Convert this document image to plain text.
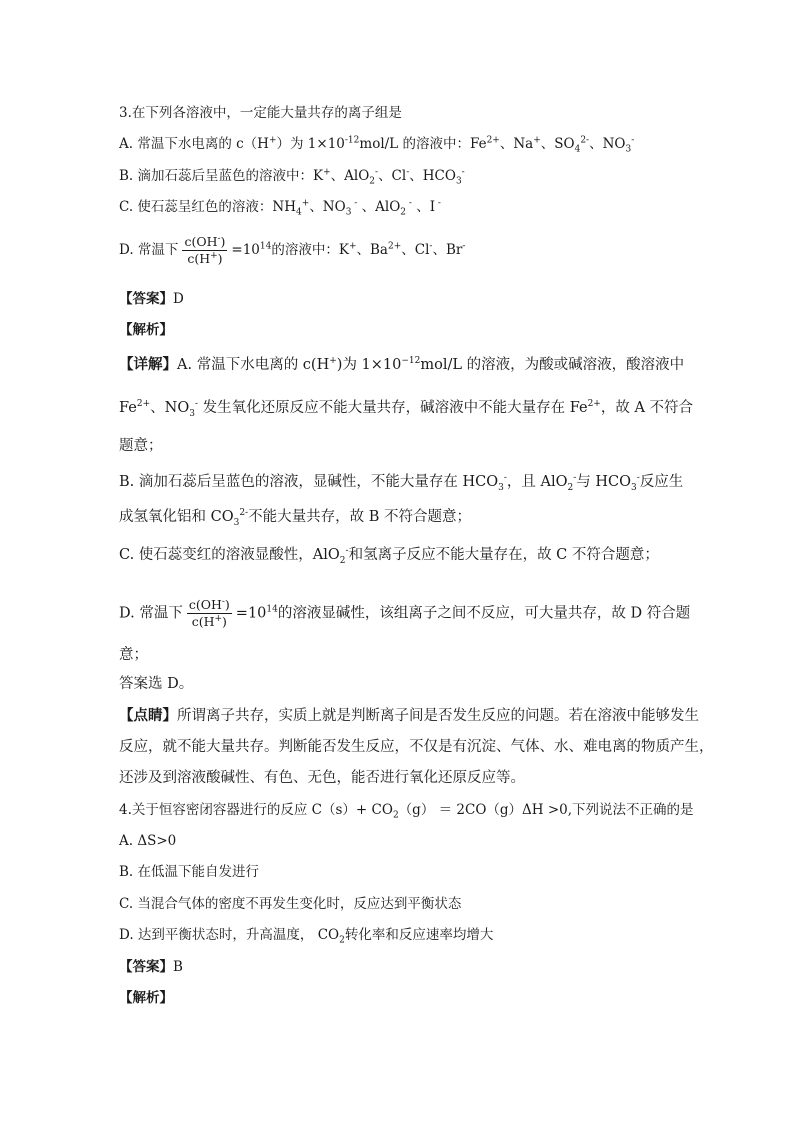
3.在下列各溶液中，一定能大量共存的离子组是
A. 常温下水电离的 c（H+）为 $1\times 10^{-12}mol/L$ 的溶液中：$Fe^{2+}$、Na+、$SO_4^{2-}$、$NO_3^-$
B. 滴加石蕊后呈蓝色的溶液中：K+、AlO$_2$-、Cl-、$HCO_3^-$
C. 使石蕊呈红色的溶液：$NH_4^+$、$NO_3$ - 、AlO$_2$ - 、I -
D. 常温下 $\frac{c(OH^-)}{c(H^+)} =10^{14}$的溶液中：K+、$Ba^{2+}$、Cl-、Br-
【答案】D
【解析】
【详解】A. 常温下水电离的 c(H+)为 $1\times 10^{-12}mol/L$ 的溶液，为酸或碱溶液，酸溶液中
$Fe^{2+}$、$NO_3^-$ 发生氧化还原反应不能大量共存，碱溶液中不能大量存在 $Fe^{2+}$，故 A 不符合
题意；
B. 滴加石蕊后呈蓝色的溶液，显碱性，不能大量存在 $HCO_3^-$，且 AlO$_2$-与 $HCO_3^-$反应生
成氢氧化铝和 $CO_3^{2-}$不能大量共存，故 B 不符合题意；
C. 使石蕊变红的溶液显酸性，AlO$_2$-和氢离子反应不能大量存在，故 C 不符合题意；
D. 常温下 $\frac{c(OH^-)}{c(H^+)} =10^{14}$的溶液显碱性，该组离子之间不反应，可大量共存，故 D 符合题
意；
答案选 D。
【点睛】所谓离子共存，实质上就是判断离子间是否发生反应的问题。若在溶液中能够发生
反应，就不能大量共存。判断能否发生反应，不仅是有沉淀、气体、水、难电离的物质产生，
还涉及到溶液酸碱性、有色、无色，能否进行氧化还原反应等。
4.关于恒容密闭容器进行的反应 $C(s)+ CO_2(g) = 2CO(g)\Delta H >0$,下列说法不正确的是
A. ΔS>0
B. 在低温下能自发进行
C. 当混合气体的密度不再发生变化时，反应达到平衡状态
D. 达到平衡状态时，升高温度， $CO_2$转化率和反应速率均增大
【答案】B
【解析】
